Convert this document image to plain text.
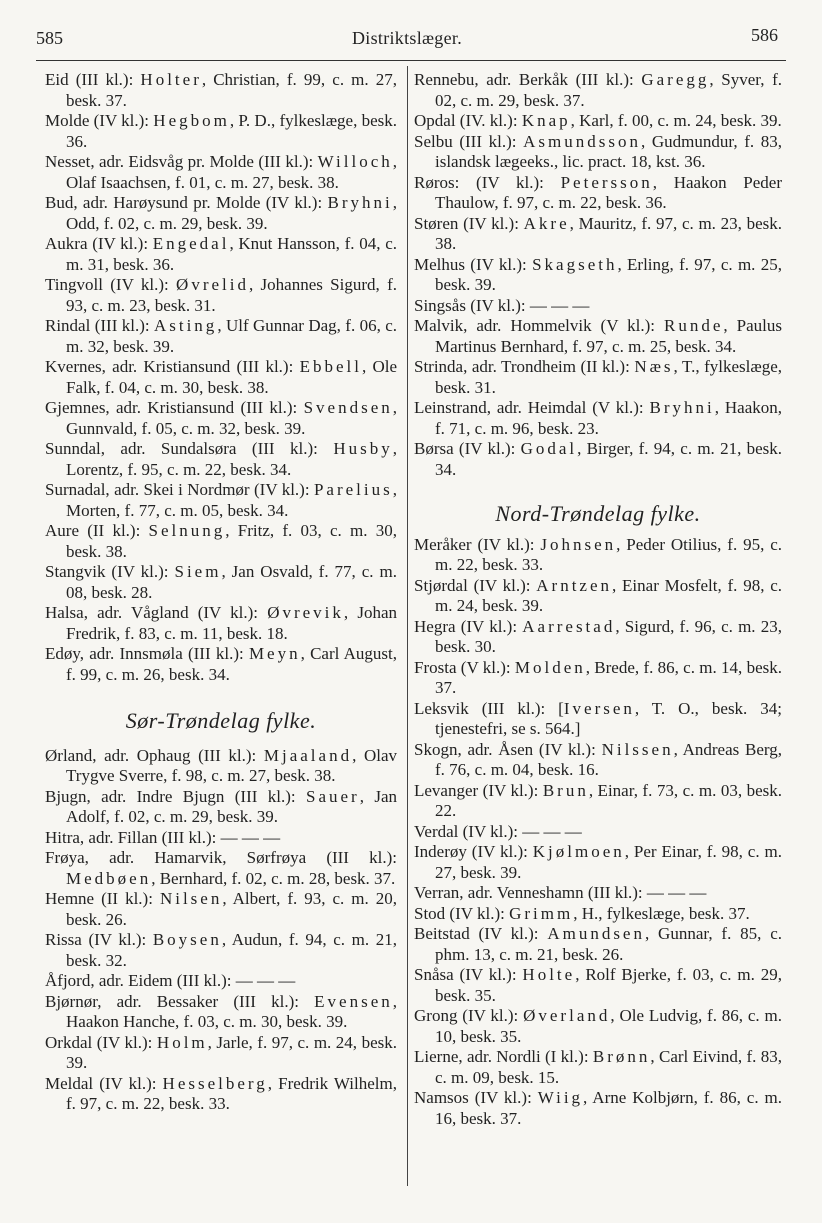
585	Distriktslæger.	586

Eid (III kl.): Holter, Christian, f. 99, c. m. 27, besk. 37.

Molde (IV kl.): Hegbom, P. D., fylkeslæge, besk. 36.

Nesset, adr. Eidsvåg pr. Molde (III kl.): Willoch, Olaf Isaachsen, f. 01, c. m. 27, besk. 38.

Bud, adr. Harøysund pr. Molde (IV kl.): Bryhni, Odd, f. 02, c. m. 29, besk. 39.

Aukra (IV kl.): Engedal, Knut Hansson, f. 04, c. m. 31, besk. 36.

Tingvoll (IV kl.): Øvrelid, Johannes Sigurd, f. 93, c. m. 23, besk. 31.

Rindal (III kl.): Asting, Ulf Gunnar Dag, f. 06, c. m. 32, besk. 39.

Kvernes, adr. Kristiansund (III kl.): Ebbell, Ole Falk, f. 04, c. m. 30, besk. 38.

Gjemnes, adr. Kristiansund (III kl.): Svendsen, Gunnvald, f. 05, c. m. 32, besk. 39.

Sunndal, adr. Sundalsøra (III kl.): Husby, Lorentz, f. 95, c. m. 22, besk. 34.

Surnadal, adr. Skei i Nordmør (IV kl.): Parelius, Morten, f. 77, c. m. 05, besk. 34.

Aure (II kl.): Selnung, Fritz, f. 03, c. m. 30, besk. 38.

Stangvik (IV kl.): Siem, Jan Osvald, f. 77, c. m. 08, besk. 28.

Halsa, adr. Vågland (IV kl.): Øvrevik, Johan Fredrik, f. 83, c. m. 11, besk. 18.

Edøy, adr. Innsmøla (III kl.): Meyn, Carl August, f. 99, c. m. 26, besk. 34.

Sør-Trøndelag fylke.

Ørland, adr. Ophaug (III kl.): Mjaaland, Olav Trygve Sverre, f. 98, c. m. 27, besk. 38.

Bjugn, adr. Indre Bjugn (III kl.): Sauer, Jan Adolf, f. 02, c. m. 29, besk. 39.

Hitra, adr. Fillan (III kl.): — — —

Frøya, adr. Hamarvik, Sørfrøya (III kl.): Medbøen, Bernhard, f. 02, c. m. 28, besk. 37.

Hemne (II kl.): Nilsen, Albert, f. 93, c. m. 20, besk. 26.

Rissa (IV kl.): Boysen, Audun, f. 94, c. m. 21, besk. 32.

Åfjord, adr. Eidem (III kl.): — — —

Bjørnør, adr. Bessaker (III kl.): Evensen, Haakon Hanche, f. 03, c. m. 30, besk. 39.

Orkdal (IV kl.): Holm, Jarle, f. 97, c. m. 24, besk. 39.

Meldal (IV kl.): Hesselberg, Fredrik Wilhelm, f. 97, c. m. 22, besk. 33.

Rennebu, adr. Berkåk (III kl.): Garegg, Syver, f. 02, c. m. 29, besk. 37.

Opdal (IV. kl.): Knap, Karl, f. 00, c. m. 24, besk. 39.

Selbu (III kl.): Asmundsson, Gudmundur, f. 83, islandsk lægeeks., lic. pract. 18, kst. 36.

Røros: (IV kl.): Petersson, Haakon Peder Thaulow, f. 97, c. m. 22, besk. 36.

Støren (IV kl.): Akre, Mauritz, f. 97, c. m. 23, besk. 38.

Melhus (IV kl.): Skagseth, Erling, f. 97, c. m. 25, besk. 39.

Singsås (IV kl.): — — —

Malvik, adr. Hommelvik (V kl.): Runde, Paulus Martinus Bernhard, f. 97, c. m. 25, besk. 34.

Strinda, adr. Trondheim (II kl.): Næs, T., fylkeslæge, besk. 31.

Leinstrand, adr. Heimdal (V kl.): Bryhni, Haakon, f. 71, c. m. 96, besk. 23.

Børsa (IV kl.): Godal, Birger, f. 94, c. m. 21, besk. 34.

Nord-Trøndelag fylke.

Meråker (IV kl.): Johnsen, Peder Otilius, f. 95, c. m. 22, besk. 33.

Stjørdal (IV kl.): Arntzen, Einar Mosfelt, f. 98, c. m. 24, besk. 39.

Hegra (IV kl.): Aarrestad, Sigurd, f. 96, c. m. 23, besk. 30.

Frosta (V kl.): Molden, Brede, f. 86, c. m. 14, besk. 37.

Leksvik (III kl.): [Iversen, T. O., besk. 34; tjenestefri, se s. 564.]

Skogn, adr. Åsen (IV kl.): Nilssen, Andreas Berg, f. 76, c. m. 04, besk. 16.

Levanger (IV kl.): Brun, Einar, f. 73, c. m. 03, besk. 22.

Verdal (IV kl.): — — —

Inderøy (IV kl.): Kjølmoen, Per Einar, f. 98, c. m. 27, besk. 39.

Verran, adr. Venneshamn (III kl.): — — —

Stod (IV kl.): Grimm, H., fylkeslæge, besk. 37.

Beitstad (IV kl.): Amundsen, Gunnar, f. 85, c. phm. 13, c. m. 21, besk. 26.

Snåsa (IV kl.): Holte, Rolf Bjerke, f. 03, c. m. 29, besk. 35.

Grong (IV kl.): Øverland, Ole Ludvig, f. 86, c. m. 10, besk. 35.

Lierne, adr. Nordli (I kl.): Brønn, Carl Eivind, f. 83, c. m. 09, besk. 15.

Namsos (IV kl.): Wiig, Arne Kolbjørn, f. 86, c. m. 16, besk. 37.
